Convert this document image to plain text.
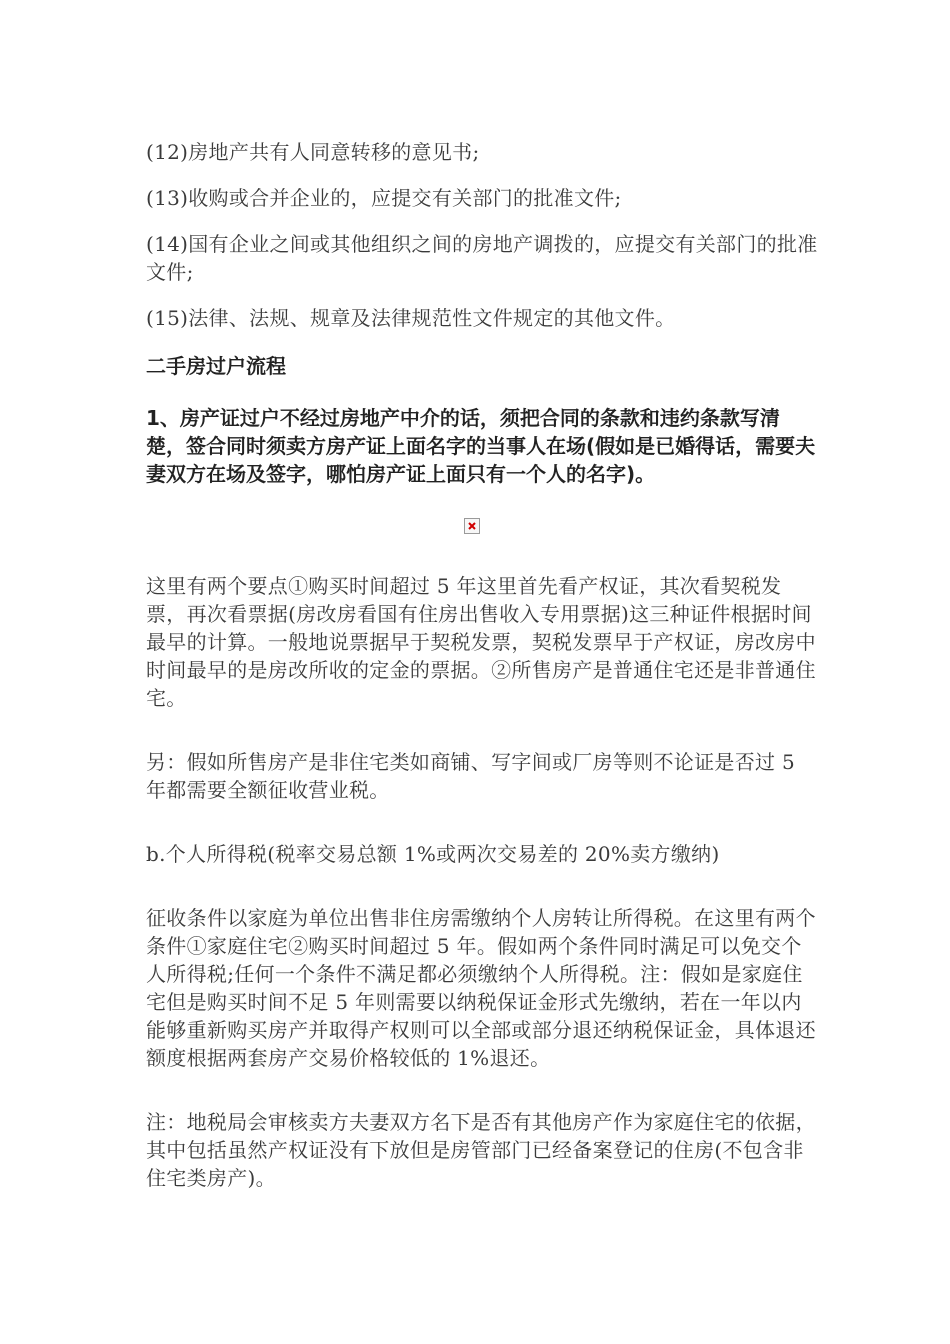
(12)房地产共有人同意转移的意见书;

(13)收购或合并企业的，应提交有关部门的批准文件;

(14)国有企业之间或其他组织之间的房地产调拨的，应提交有关部门的批准文件;

(15)法律、法规、规章及法律规范性文件规定的其他文件。

二手房过户流程

1、房产证过户不经过房地产中介的话，须把合同的条款和违约条款写清楚，签合同时须卖方房产证上面名字的当事人在场(假如是已婚得话，需要夫妻双方在场及签字，哪怕房产证上面只有一个人的名字)。

这里有两个要点①购买时间超过 5 年这里首先看产权证，其次看契税发票，再次看票据(房改房看国有住房出售收入专用票据)这三种证件根据时间最早的计算。一般地说票据早于契税发票，契税发票早于产权证，房改房中时间最早的是房改所收的定金的票据。②所售房产是普通住宅还是非普通住宅。

另：假如所售房产是非住宅类如商铺、写字间或厂房等则不论证是否过 5 年都需要全额征收营业税。

b.个人所得税(税率交易总额 1%或两次交易差的 20%卖方缴纳)

征收条件以家庭为单位出售非住房需缴纳个人房转让所得税。在这里有两个条件①家庭住宅②购买时间超过 5 年。假如两个条件同时满足可以免交个人所得税;任何一个条件不满足都必须缴纳个人所得税。注：假如是家庭住宅但是购买时间不足 5 年则需要以纳税保证金形式先缴纳，若在一年以内能够重新购买房产并取得产权则可以全部或部分退还纳税保证金，具体退还额度根据两套房产交易价格较低的 1%退还。

注：地税局会审核卖方夫妻双方名下是否有其他房产作为家庭住宅的依据，其中包括虽然产权证没有下放但是房管部门已经备案登记的住房(不包含非住宅类房产)。
